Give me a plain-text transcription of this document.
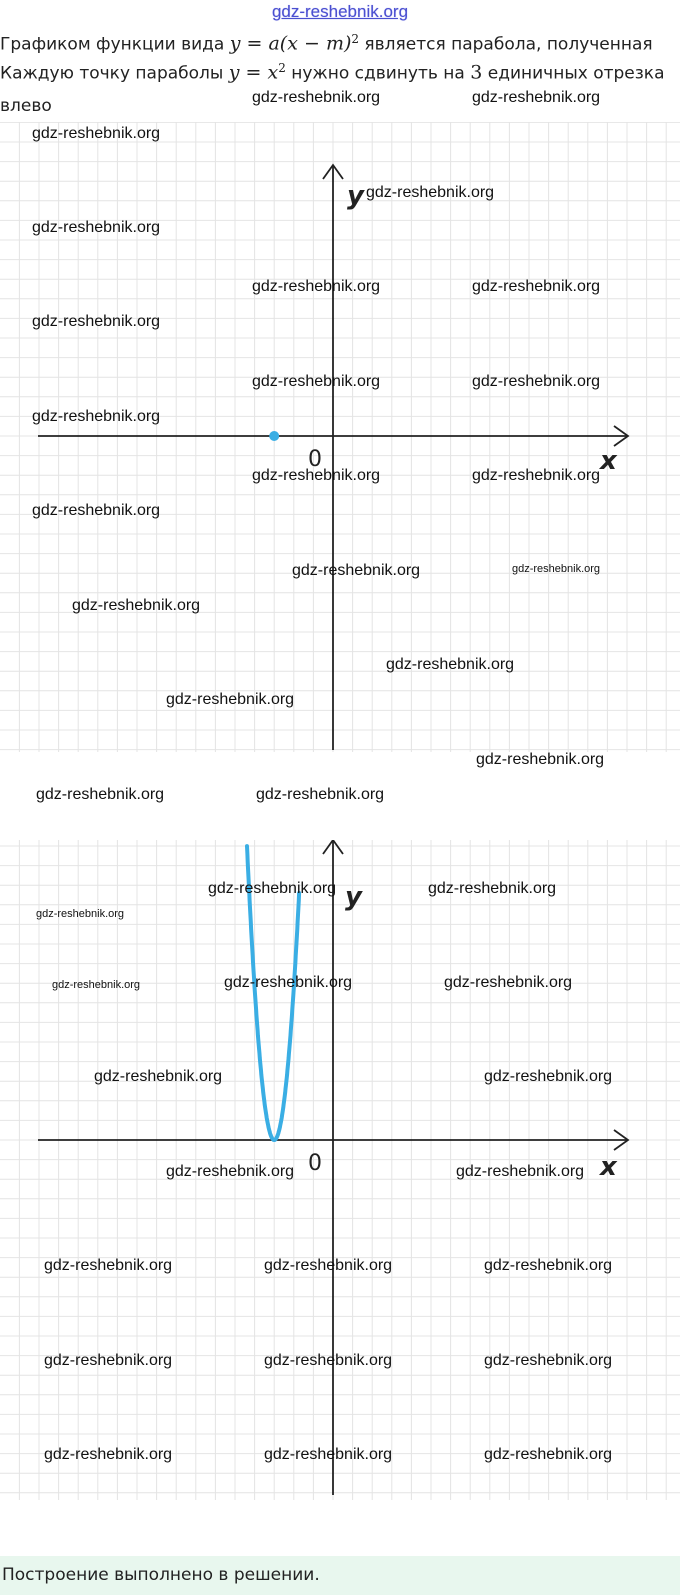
gdz-reshebnik.org
Графиком функции вида $y = a(x - m)^2$ является парабола, полученная
Каждую точку параболы $y = x^2$ нужно сдвинуть на 3 единичных отрезка
влево
y
x
0
y
x
0
gdz-reshebnik.org	gdz-reshebnik.org
gdz-reshebnik.org
gdz-reshebnik.org
gdz-reshebnik.org
gdz-reshebnik.org	gdz-reshebnik.org
gdz-reshebnik.org
gdz-reshebnik.org	gdz-reshebnik.org
gdz-reshebnik.org
gdz-reshebnik.org	gdz-reshebnik.org
gdz-reshebnik.org
gdz-reshebnik.org	gdz-reshebnik.org
gdz-reshebnik.org
gdz-reshebnik.org
gdz-reshebnik.org
gdz-reshebnik.org
gdz-reshebnik.org	gdz-reshebnik.org
gdz-reshebnik.org	gdz-reshebnik.org
gdz-reshebnik.org
gdz-reshebnik.org	gdz-reshebnik.org
gdz-reshebnik.org
gdz-reshebnik.org	gdz-reshebnik.org
gdz-reshebnik.org	gdz-reshebnik.org
gdz-reshebnik.org	gdz-reshebnik.org	gdz-reshebnik.org
gdz-reshebnik.org	gdz-reshebnik.org	gdz-reshebnik.org
gdz-reshebnik.org	gdz-reshebnik.org	gdz-reshebnik.org
Построение выполнено в решении.
